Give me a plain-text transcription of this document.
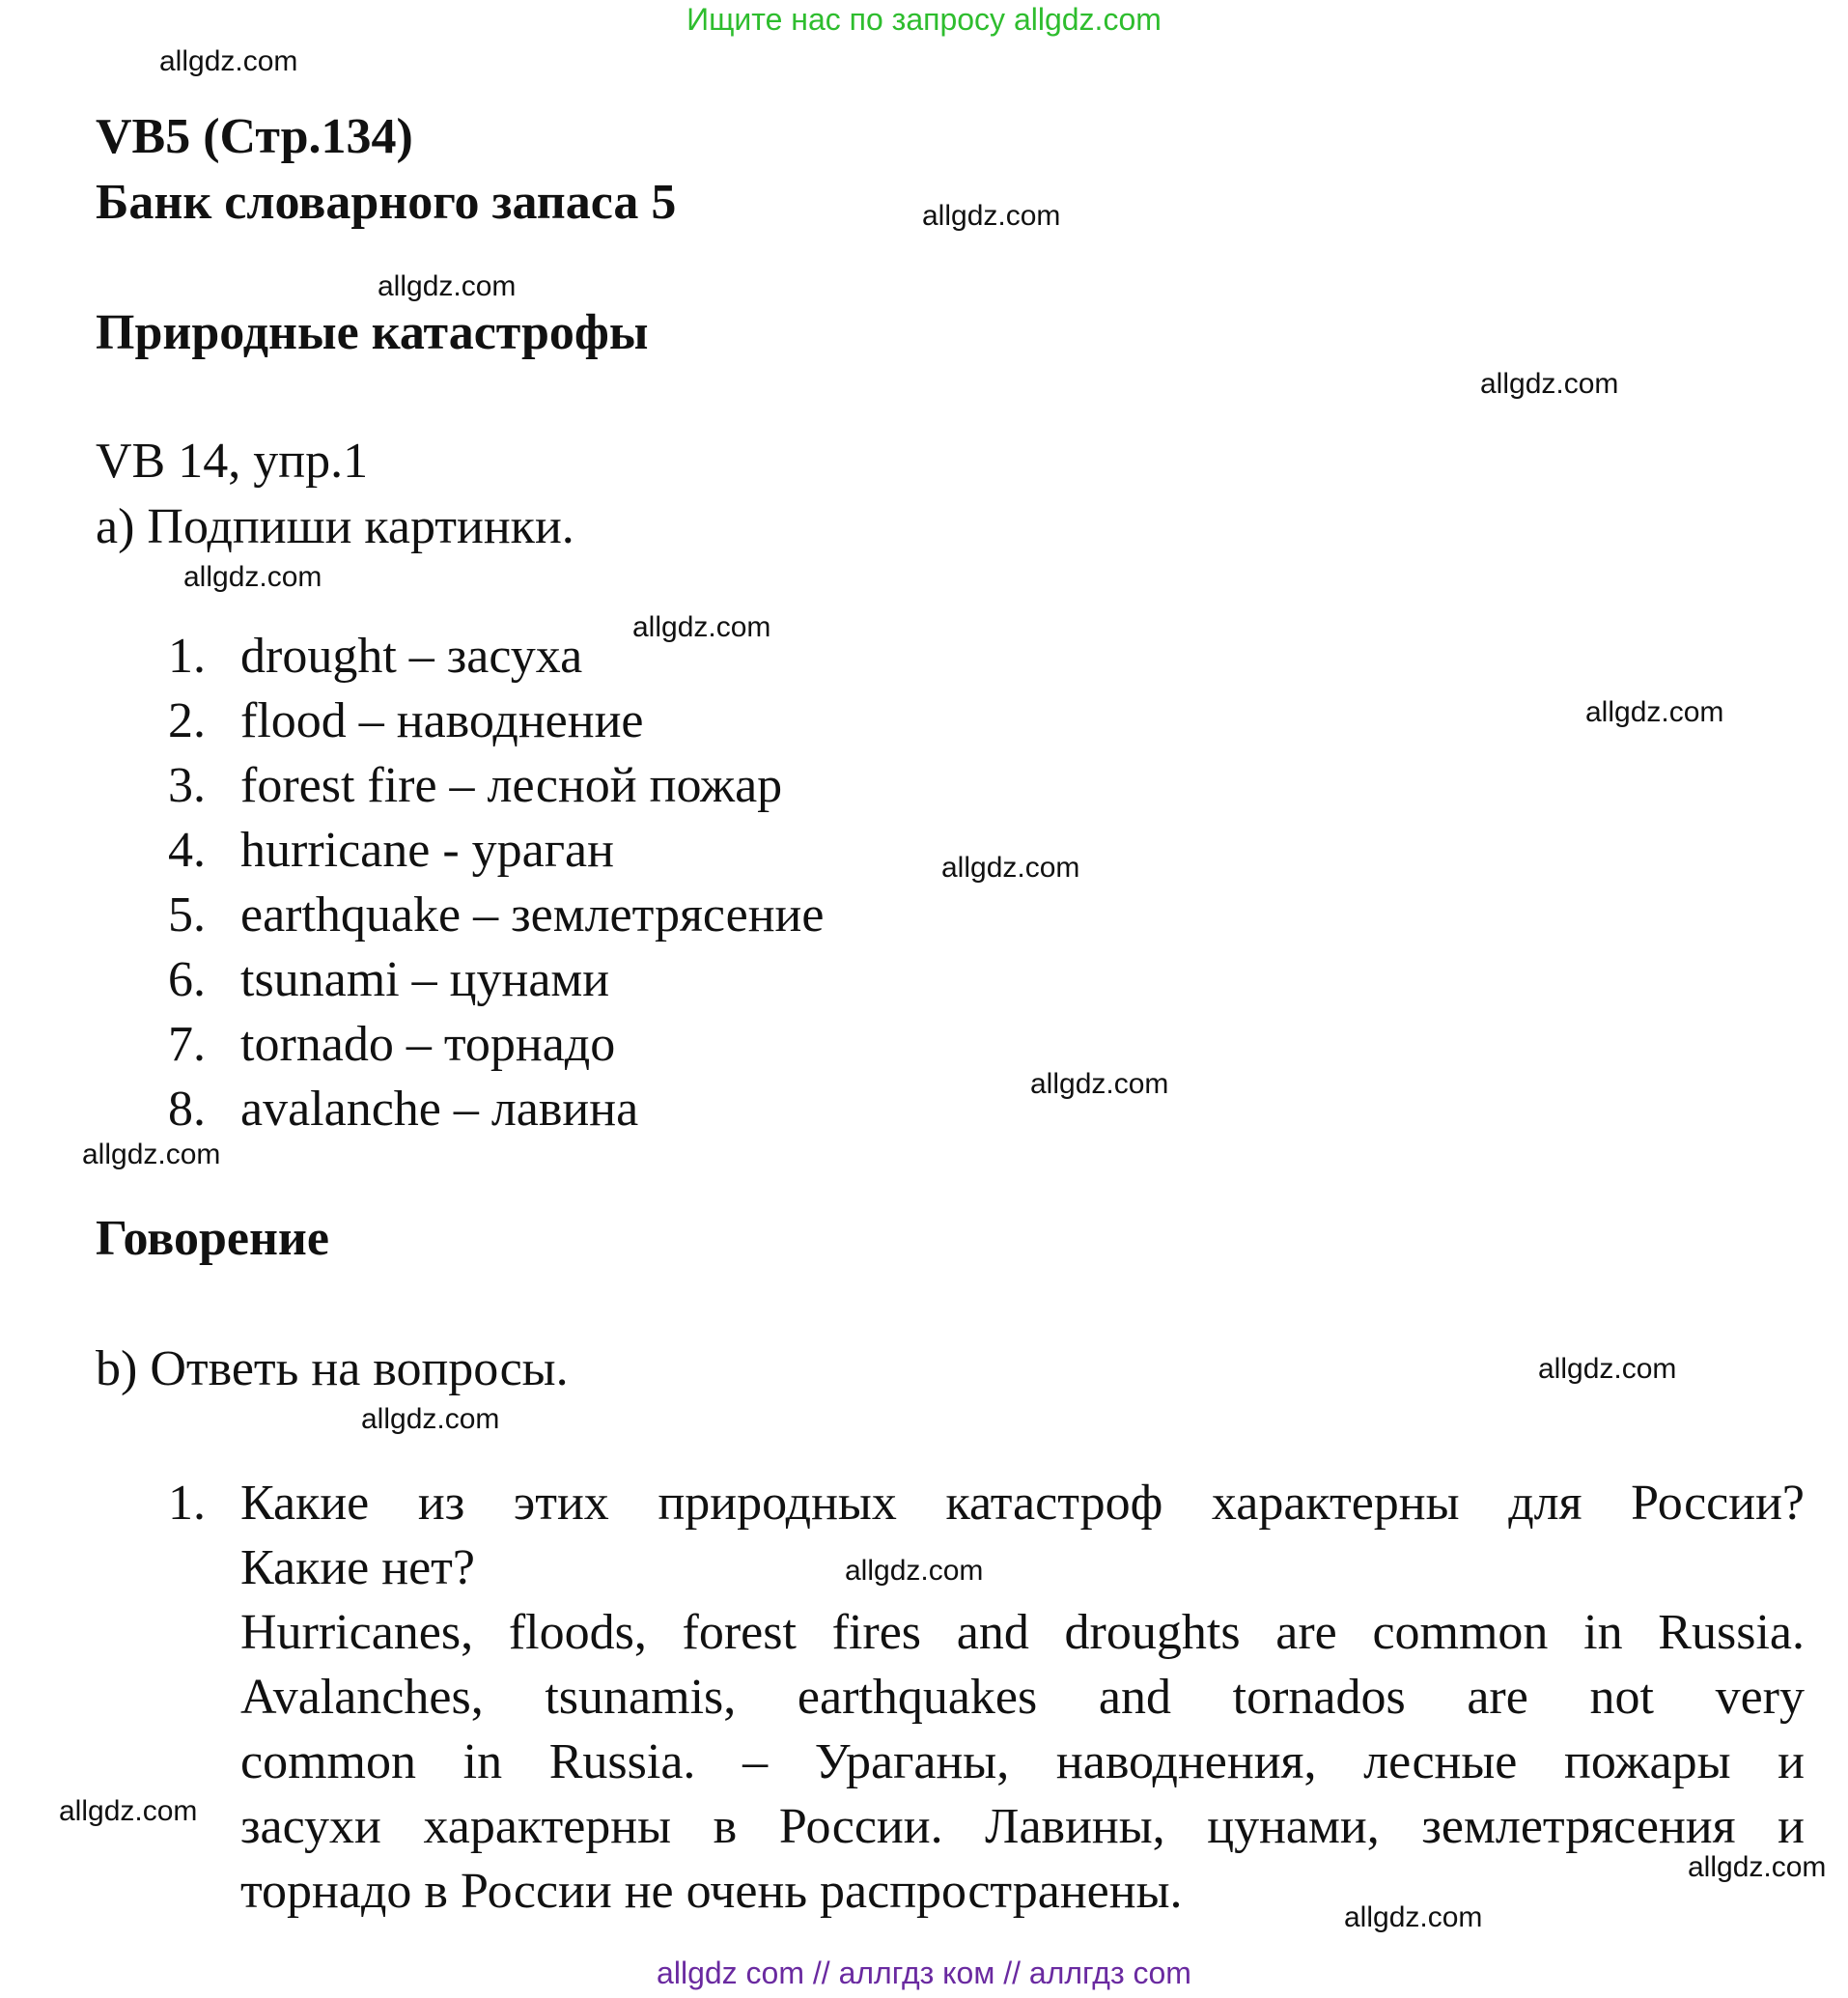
Ищите нас по запросу allgdz.com
allgdz com // аллгдз ком // аллгдз com
allgdz.com
allgdz.com
allgdz.com
allgdz.com
allgdz.com
allgdz.com
allgdz.com
allgdz.com
allgdz.com
allgdz.com
allgdz.com
allgdz.com
allgdz.com
allgdz.com
allgdz.com
allgdz.com
VB5 (Стр.134)
Банк словарного запаса 5
Природные катастрофы
VB 14, упр.1
a) Подпиши картинки.
1. drought – засуха
2. flood – наводнение
3. forest fire – лесной пожар
4. hurricane - ураган
5. earthquake – землетрясение
6. tsunami – цунами
7. tornado – торнадо
8. avalanche – лавина
Говорение
b) Ответь на вопросы.
1. Какие из этих природных катастроф характерны для России?
Какие нет?
Hurricanes, floods, forest fires and droughts are common in Russia.
Avalanches, tsunamis, earthquakes and tornados are not very
common in Russia. – Ураганы, наводнения, лесные пожары и
засухи характерны в России. Лавины, цунами, землетрясения и
торнадо в России не очень распространены.
